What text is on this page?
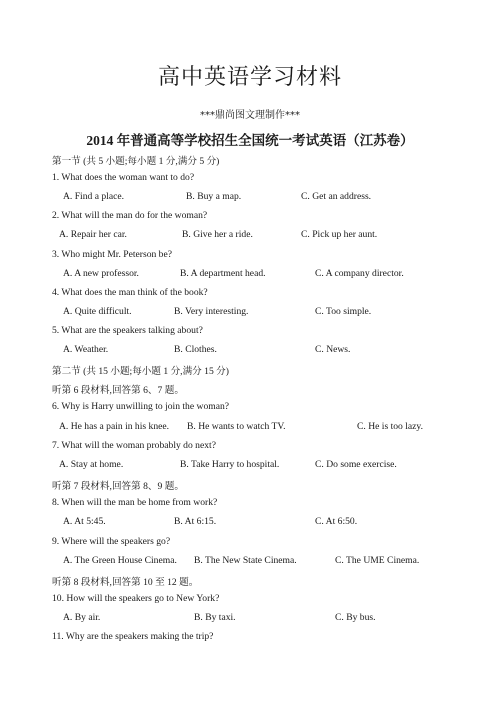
高中英语学习材料
***鼎尚图文理制作***
2014 年普通高等学校招生全国统一考试英语（江苏卷）
第一节 (共 5 小题;每小题 1 分,满分 5 分)
1. What does the woman want to do?
A. Find a place.	B. Buy a map.	C. Get an address.
2. What will the man do for the woman?
A. Repair her car.	B. Give her a ride.	C. Pick up her aunt.
3. Who might Mr. Peterson be?
A. A new professor.	B. A department head.	C. A company director.
4. What does the man think of the book?
A. Quite difficult.	B. Very interesting.	C. Too simple.
5. What are the speakers talking about?
A. Weather.	B. Clothes.	C. News.
第二节 (共 15 小题;每小题 1 分,满分 15 分)
听第 6 段材料,回答第 6、7 题。
6. Why is Harry unwilling to join the woman?
A. He has a pain in his knee. B. He wants to watch TV.	C. He is too lazy.
7. What will the woman probably do next?
A. Stay at home.	B. Take Harry to hospital.	C. Do some exercise.
听第 7 段材料,回答第 8、9 题。
8. When will the man be home from work?
A. At 5:45.	B. At 6:15.	C. At 6:50.
9. Where will the speakers go?
A. The Green House Cinema. B. The New State Cinema.	C. The UME Cinema.
听第 8 段材料,回答第 10 至 12 题。
10. How will the speakers go to New York?
A. By air.	B. By taxi.	C. By bus.
11. Why are the speakers making the trip?
